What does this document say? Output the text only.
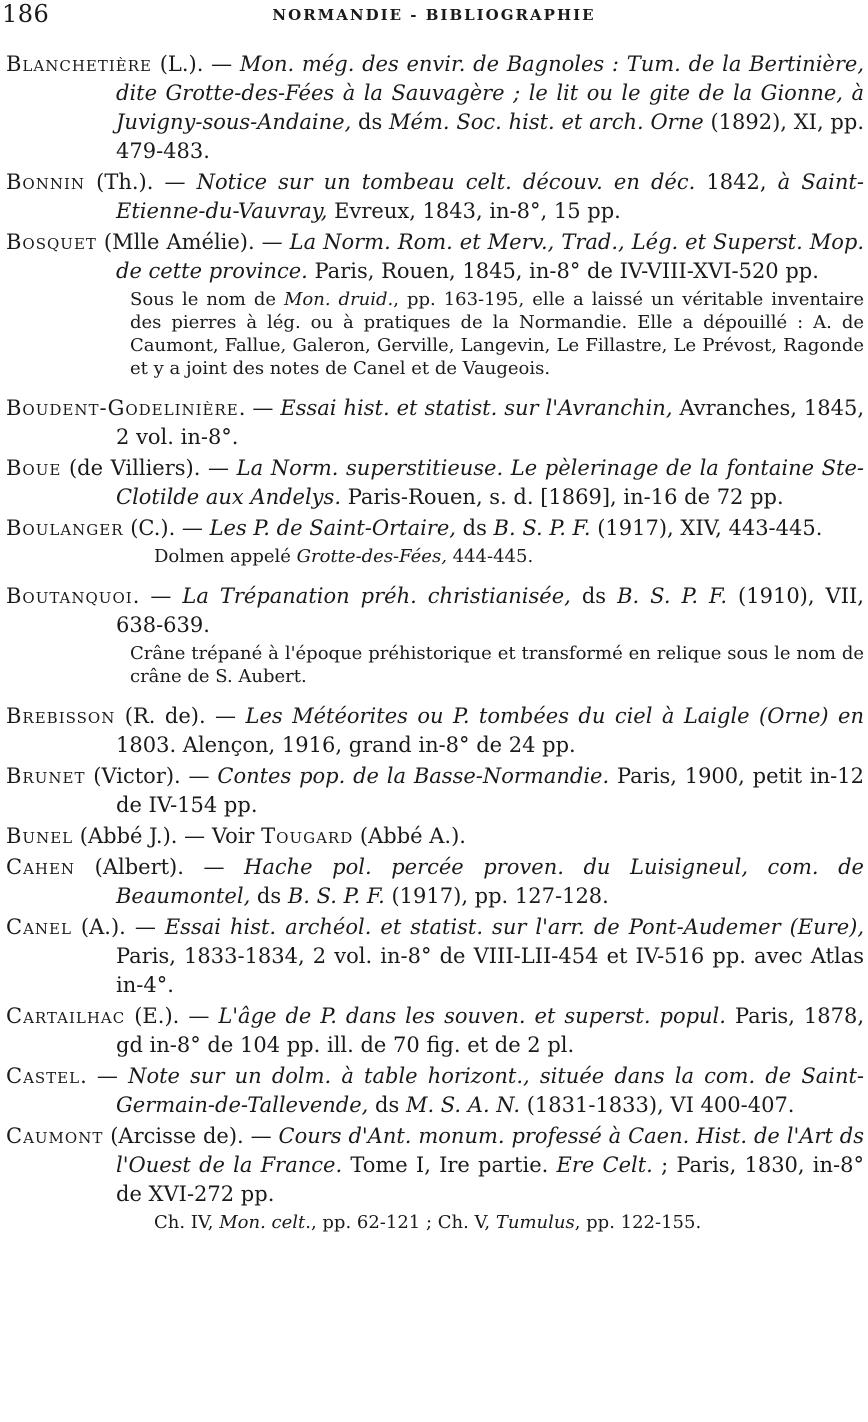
186	NORMANDIE - BIBLIOGRAPHIE

Blanchetière (L.). — Mon. még. des envir. de Bagnoles : Tum. de la Bertinière, dite Grotte-des-Fées à la Sauvagère ; le lit ou le gite de la Gionne, à Juvigny-sous-Andaine, ds Mém. Soc. hist. et arch. Orne (1892), XI, pp. 479-483.

Bonnin (Th.). — Notice sur un tombeau celt. découv. en déc. 1842, à Saint-Etienne-du-Vauvray, Evreux, 1843, in-8°, 15 pp.

Bosquet (Mlle Amélie). — La Norm. Rom. et Merv., Trad., Lég. et Superst. Mop. de cette province. Paris, Rouen, 1845, in-8° de IV-VIII-XVI-520 pp.

Sous le nom de Mon. druid., pp. 163-195, elle a laissé un véritable inventaire des pierres à lég. ou à pratiques de la Normandie. Elle a dépouillé : A. de Caumont, Fallue, Galeron, Gerville, Langevin, Le Fillastre, Le Prévost, Ragonde et y a joint des notes de Canel et de Vaugeois.

Boudent-Godelinière. — Essai hist. et statist. sur l'Avranchin, Avranches, 1845, 2 vol. in-8°.

Boue (de Villiers). — La Norm. superstitieuse. Le pèlerinage de la fontaine Ste-Clotilde aux Andelys. Paris-Rouen, s. d. [1869], in-16 de 72 pp.

Boulanger (C.). — Les P. de Saint-Ortaire, ds B. S. P. F. (1917), XIV, 443-445.

Dolmen appelé Grotte-des-Fées, 444-445.

Boutanquoi. — La Trépanation préh. christianisée, ds B. S. P. F. (1910), VII, 638-639.

Crâne trépané à l'époque préhistorique et transformé en relique sous le nom de crâne de S. Aubert.

Brebisson (R. de). — Les Météorites ou P. tombées du ciel à Laigle (Orne) en 1803. Alençon, 1916, grand in-8° de 24 pp.

Brunet (Victor). — Contes pop. de la Basse-Normandie. Paris, 1900, petit in-12 de IV-154 pp.

Bunel (Abbé J.). — Voir Tougard (Abbé A.).

Cahen (Albert). — Hache pol. percée proven. du Luisigneul, com. de Beaumontel, ds B. S. P. F. (1917), pp. 127-128.

Canel (A.). — Essai hist. archéol. et statist. sur l'arr. de Pont-Audemer (Eure), Paris, 1833-1834, 2 vol. in-8° de VIII-LII-454 et IV-516 pp. avec Atlas in-4°.

Cartailhac (E.). — L'âge de P. dans les souven. et superst. popul. Paris, 1878, gd in-8° de 104 pp. ill. de 70 fig. et de 2 pl.

Castel. — Note sur un dolm. à table horizont., située dans la com. de Saint-Germain-de-Tallevende, ds M. S. A. N. (1831-1833), VI 400-407.

Caumont (Arcisse de). — Cours d'Ant. monum. professé à Caen. Hist. de l'Art ds l'Ouest de la France. Tome I, Ire partie. Ere Celt. ; Paris, 1830, in-8° de XVI-272 pp.

Ch. IV, Mon. celt., pp. 62-121 ; Ch. V, Tumulus, pp. 122-155.
